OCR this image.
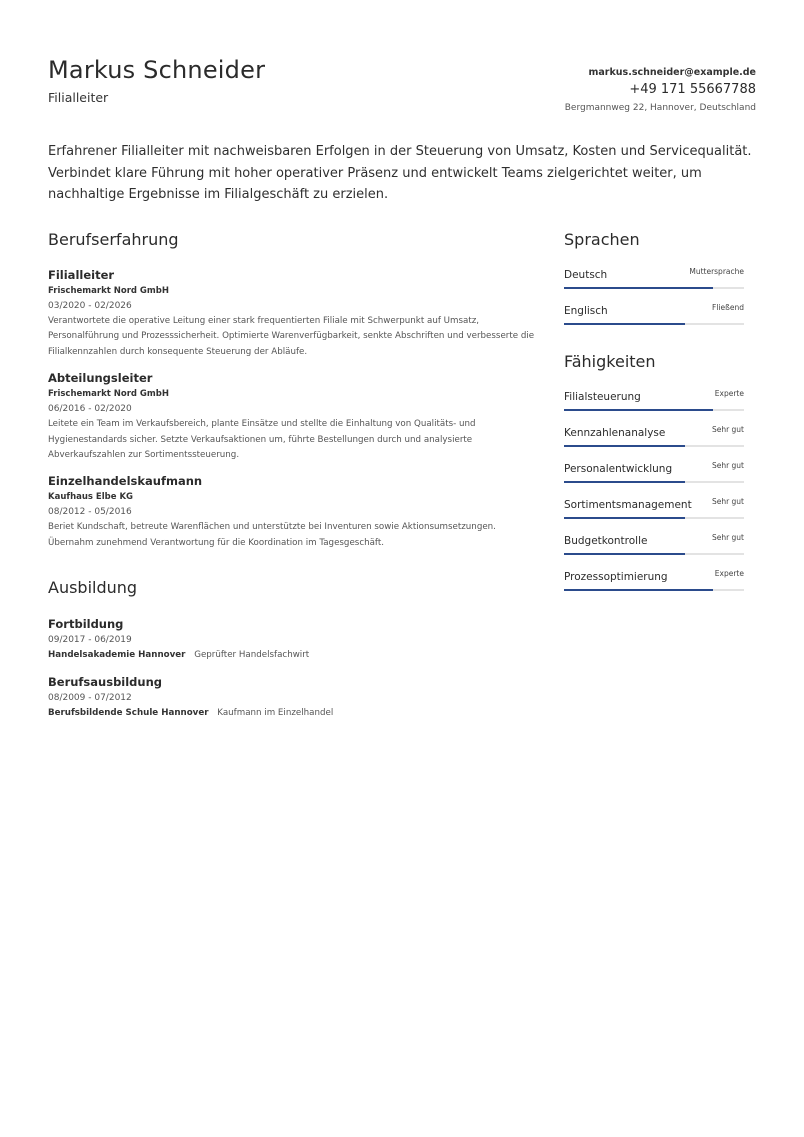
Markus Schneider
Filialleiter
markus.schneider@example.de
+49 171 55667788
Bergmannweg 22, Hannover, Deutschland
Erfahrener Filialleiter mit nachweisbaren Erfolgen in der Steuerung von Umsatz, Kosten und Servicequalität. Verbindet klare Führung mit hoher operativer Präsenz und entwickelt Teams zielgerichtet weiter, um nachhaltige Ergebnisse im Filialgeschäft zu erzielen.
Berufserfahrung
Filialleiter
Frischemarkt Nord GmbH
03/2020 - 02/2026
Verantwortete die operative Leitung einer stark frequentierten Filiale mit Schwerpunkt auf Umsatz, Personalführung und Prozesssicherheit. Optimierte Warenverfügbarkeit, senkte Abschriften und verbesserte die Filialkennzahlen durch konsequente Steuerung der Abläufe.
Abteilungsleiter
Frischemarkt Nord GmbH
06/2016 - 02/2020
Leitete ein Team im Verkaufsbereich, plante Einsätze und stellte die Einhaltung von Qualitäts- und Hygienestandards sicher. Setzte Verkaufsaktionen um, führte Bestellungen durch und analysierte Abverkaufszahlen zur Sortimentssteuerung.
Einzelhandelskaufmann
Kaufhaus Elbe KG
08/2012 - 05/2016
Beriet Kundschaft, betreute Warenflächen und unterstützte bei Inventuren sowie Aktionsumsetzungen. Übernahm zunehmend Verantwortung für die Koordination im Tagesgeschäft.
Ausbildung
Fortbildung
09/2017 - 06/2019
Handelsakademie Hannover Geprüfter Handelsfachwirt
Berufsausbildung
08/2009 - 07/2012
Berufsbildende Schule Hannover Kaufmann im Einzelhandel
Sprachen
Deutsch	Muttersprache
Englisch	Fließend
Fähigkeiten
Filialsteuerung	Experte
Kennzahlenanalyse	Sehr gut
Personalentwicklung	Sehr gut
Sortimentsmanagement	Sehr gut
Budgetkontrolle	Sehr gut
Prozessoptimierung	Experte
